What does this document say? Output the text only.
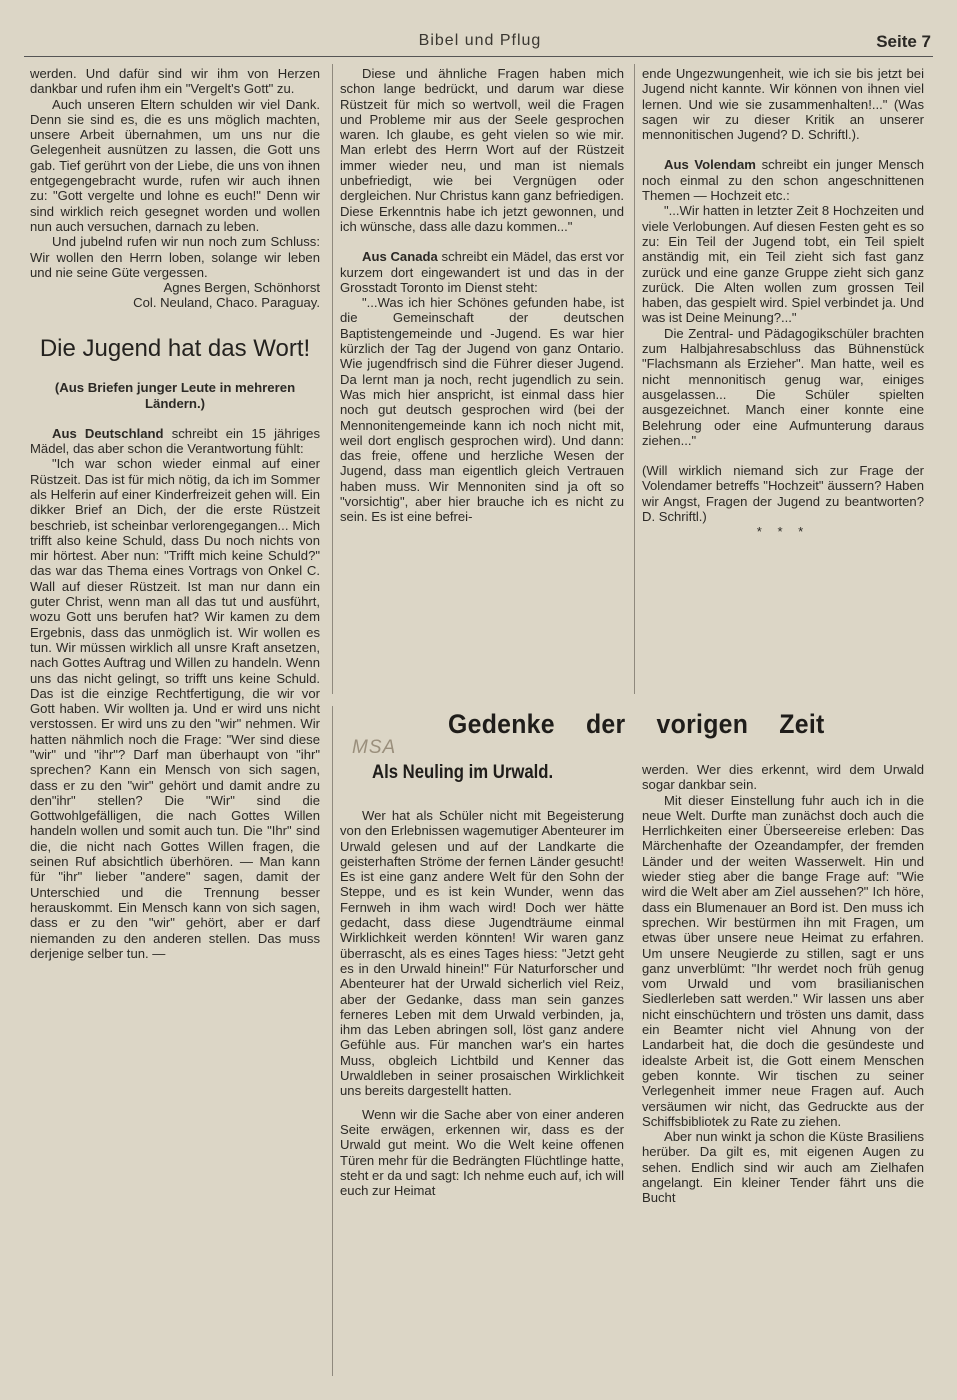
Bibel und Pflug	Seite 7

werden. Und dafür sind wir ihm von Herzen dankbar und rufen ihm ein "Vergelt's Gott" zu.

Auch unseren Eltern schulden wir viel Dank. Denn sie sind es, die es uns möglich machten, unsere Arbeit übernahmen, um uns nur die Gelegenheit ausnützen zu lassen, die Gott uns gab. Tief gerührt von der Liebe, die uns von ihnen entgegengebracht wurde, rufen wir auch ihnen zu: "Gott vergelte und lohne es euch!" Denn wir sind wirklich reich gesegnet worden und wollen nun auch versuchen, darnach zu leben.

Und jubelnd rufen wir nun noch zum Schluss: Wir wollen den Herrn loben, solange wir leben und nie seine Güte vergessen.

Agnes Bergen, Schönhorst

Col. Neuland, Chaco. Paraguay.

Die Jugend hat das Wort!

(Aus Briefen junger Leute in mehreren Ländern.)

Aus Deutschland schreibt ein 15 jähriges Mädel, das aber schon die Verantwortung fühlt:

"Ich war schon wieder einmal auf einer Rüstzeit. Das ist für mich nötig, da ich im Sommer als Helferin auf einer Kinderfreizeit gehen will. Ein dikker Brief an Dich, der die erste Rüstzeit beschrieb, ist scheinbar verlorengegangen... Mich trifft also keine Schuld, dass Du noch nichts von mir hörtest. Aber nun: "Trifft mich keine Schuld?" das war das Thema eines Vortrags von Onkel C. Wall auf dieser Rüstzeit. Ist man nur dann ein guter Christ, wenn man all das tut und ausführt, wozu Gott uns berufen hat? Wir kamen zu dem Ergebnis, dass das unmöglich ist. Wir wollen es tun. Wir müssen wirklich all unsre Kraft ansetzen, nach Gottes Auftrag und Willen zu handeln. Wenn uns das nicht gelingt, so trifft uns keine Schuld. Das ist die einzige Rechtfertigung, die wir vor Gott haben. Wir wollten ja. Und er wird uns nicht verstossen. Er wird uns zu den "wir" nehmen. Wir hatten nähmlich noch die Frage: "Wer sind diese "wir" und "ihr"? Darf man überhaupt von "ihr" sprechen? Kann ein Mensch von sich sagen, dass er zu den "wir" gehört und damit andre zu den"ihr" stellen? Die "Wir" sind die Gottwohlgefälligen, die nach Gottes Willen handeln wollen und somit auch tun. Die "Ihr" sind die, die nicht nach Gottes Willen fragen, die seinen Ruf absichtlich überhören. — Man kann für "ihr" lieber "andere" sagen, damit der Unterschied und die Trennung besser herauskommt. Ein Mensch kann von sich sagen, dass er zu den "wir" gehört, aber er darf niemanden zu den anderen stellen. Das muss derjenige selber tun. —

Diese und ähnliche Fragen haben mich schon lange bedrückt, und darum war diese Rüstzeit für mich so wertvoll, weil die Fragen und Probleme mir aus der Seele gesprochen waren. Ich glaube, es geht vielen so wie mir. Man erlebt des Herrn Wort auf der Rüstzeit immer wieder neu, und man ist niemals unbefriedigt, wie bei Vergnügen oder dergleichen. Nur Christus kann ganz befriedigen. Diese Erkenntnis habe ich jetzt gewonnen, und ich wünsche, dass alle dazu kommen..."

Aus Canada schreibt ein Mädel, das erst vor kurzem dort eingewandert ist und das in der Grosstadt Toronto im Dienst steht:

"...Was ich hier Schönes gefunden habe, ist die Gemeinschaft der deutschen Baptistengemeinde und -Jugend. Es war hier kürzlich der Tag der Jugend von ganz Ontario. Wie jugendfrisch sind die Führer dieser Jugend. Da lernt man ja noch, recht jugendlich zu sein. Was mich hier anspricht, ist einmal dass hier noch gut deutsch gesprochen wird (bei der Mennonitengemeinde kann ich noch nicht mit, weil dort englisch gesprochen wird). Und dann: das freie, offene und herzliche Wesen der Jugend, dass man eigentlich gleich Vertrauen haben muss. Wir Mennoniten sind ja oft so "vorsichtig", aber hier brauche ich es nicht zu sein. Es ist eine befrei-

ende Ungezwungenheit, wie ich sie bis jetzt bei Jugend nicht kannte. Wir können von ihnen viel lernen. Und wie sie zusammenhalten!..." (Was sagen wir zu dieser Kritik an unserer mennonitischen Jugend? D. Schriftl.).

Aus Volendam schreibt ein junger Mensch noch einmal zu den schon angeschnittenen Themen — Hochzeit etc.:

"...Wir hatten in letzter Zeit 8 Hochzeiten und viele Verlobungen. Auf diesen Festen geht es so zu: Ein Teil der Jugend tobt, ein Teil spielt anständig mit, ein Teil zieht sich fast ganz zurück und eine ganze Gruppe zieht sich ganz zurück. Die Alten wollen zum grossen Teil haben, das gespielt wird. Spiel verbindet ja. Und was ist Deine Meinung?..."

Die Zentral- und Pädagogikschüler brachten zum Halbjahresabschluss das Bühnenstück "Flachsmann als Erzieher". Man hatte, weil es nicht mennonitisch genug war, einiges ausgelassen... Die Schüler spielten ausgezeichnet. Manch einer konnte eine Belehrung oder eine Aufmunterung daraus ziehen..."

(Will wirklich niemand sich zur Frage der Volendamer betreffs "Hochzeit" äussern? Haben wir Angst, Fragen der Jugend zu beantworten? D. Schriftl.)

* * *

Gedenke der vorigen Zeit
MSA
Als Neuling im Urwald.

Wer hat als Schüler nicht mit Begeisterung von den Erlebnissen wagemutiger Abenteurer im Urwald gelesen und auf der Landkarte die geisterhaften Ströme der fernen Länder gesucht! Es ist eine ganz andere Welt für den Sohn der Steppe, und es ist kein Wunder, wenn das Fernweh in ihm wach wird! Doch wer hätte gedacht, dass diese Jugendträume einmal Wirklichkeit werden könnten! Wir waren ganz überrascht, als es eines Tages hiess: "Jetzt geht es in den Urwald hinein!" Für Naturforscher und Abenteurer hat der Urwald sicherlich viel Reiz, aber der Gedanke, dass man sein ganzes ferneres Leben mit dem Urwald verbinden, ja, ihm das Leben abringen soll, löst ganz andere Gefühle aus. Für manchen war's ein hartes Muss, obgleich Lichtbild und Kenner das Urwaldleben in seiner prosaischen Wirklichkeit uns bereits dargestellt hatten.

Wenn wir die Sache aber von einer anderen Seite erwägen, erkennen wir, dass es der Urwald gut meint. Wo die Welt keine offenen Türen mehr für die Bedrängten Flüchtlinge hatte, steht er da und sagt: Ich nehme euch auf, ich will euch zur Heimat

werden. Wer dies erkennt, wird dem Urwald sogar dankbar sein.

Mit dieser Einstellung fuhr auch ich in die neue Welt. Durfte man zunächst doch auch die Herrlichkeiten einer Überseereise erleben: Das Märchenhafte der Ozeandampfer, der fremden Länder und der weiten Wasserwelt. Hin und wieder stieg aber die bange Frage auf: "Wie wird die Welt aber am Ziel aussehen?" Ich höre, dass ein Blumenauer an Bord ist. Den muss ich sprechen. Wir bestürmen ihn mit Fragen, um etwas über unsere neue Heimat zu erfahren. Um unsere Neugierde zu stillen, sagt er uns ganz unverblümt: "Ihr werdet noch früh genug vom Urwald und vom brasilianischen Siedlerleben satt werden." Wir lassen uns aber nicht einschüchtern und trösten uns damit, dass ein Beamter nicht viel Ahnung von der Landarbeit hat, die doch die gesündeste und idealste Arbeit ist, die Gott einem Menschen geben konnte. Wir tischen zu seiner Verlegenheit immer neue Fragen auf. Auch versäumen wir nicht, das Gedruckte aus der Schiffsbibliotek zu Rate zu ziehen.

Aber nun winkt ja schon die Küste Brasiliens herüber. Da gilt es, mit eigenen Augen zu sehen. Endlich sind wir auch am Zielhafen angelangt. Ein kleiner Tender fährt uns die Bucht
